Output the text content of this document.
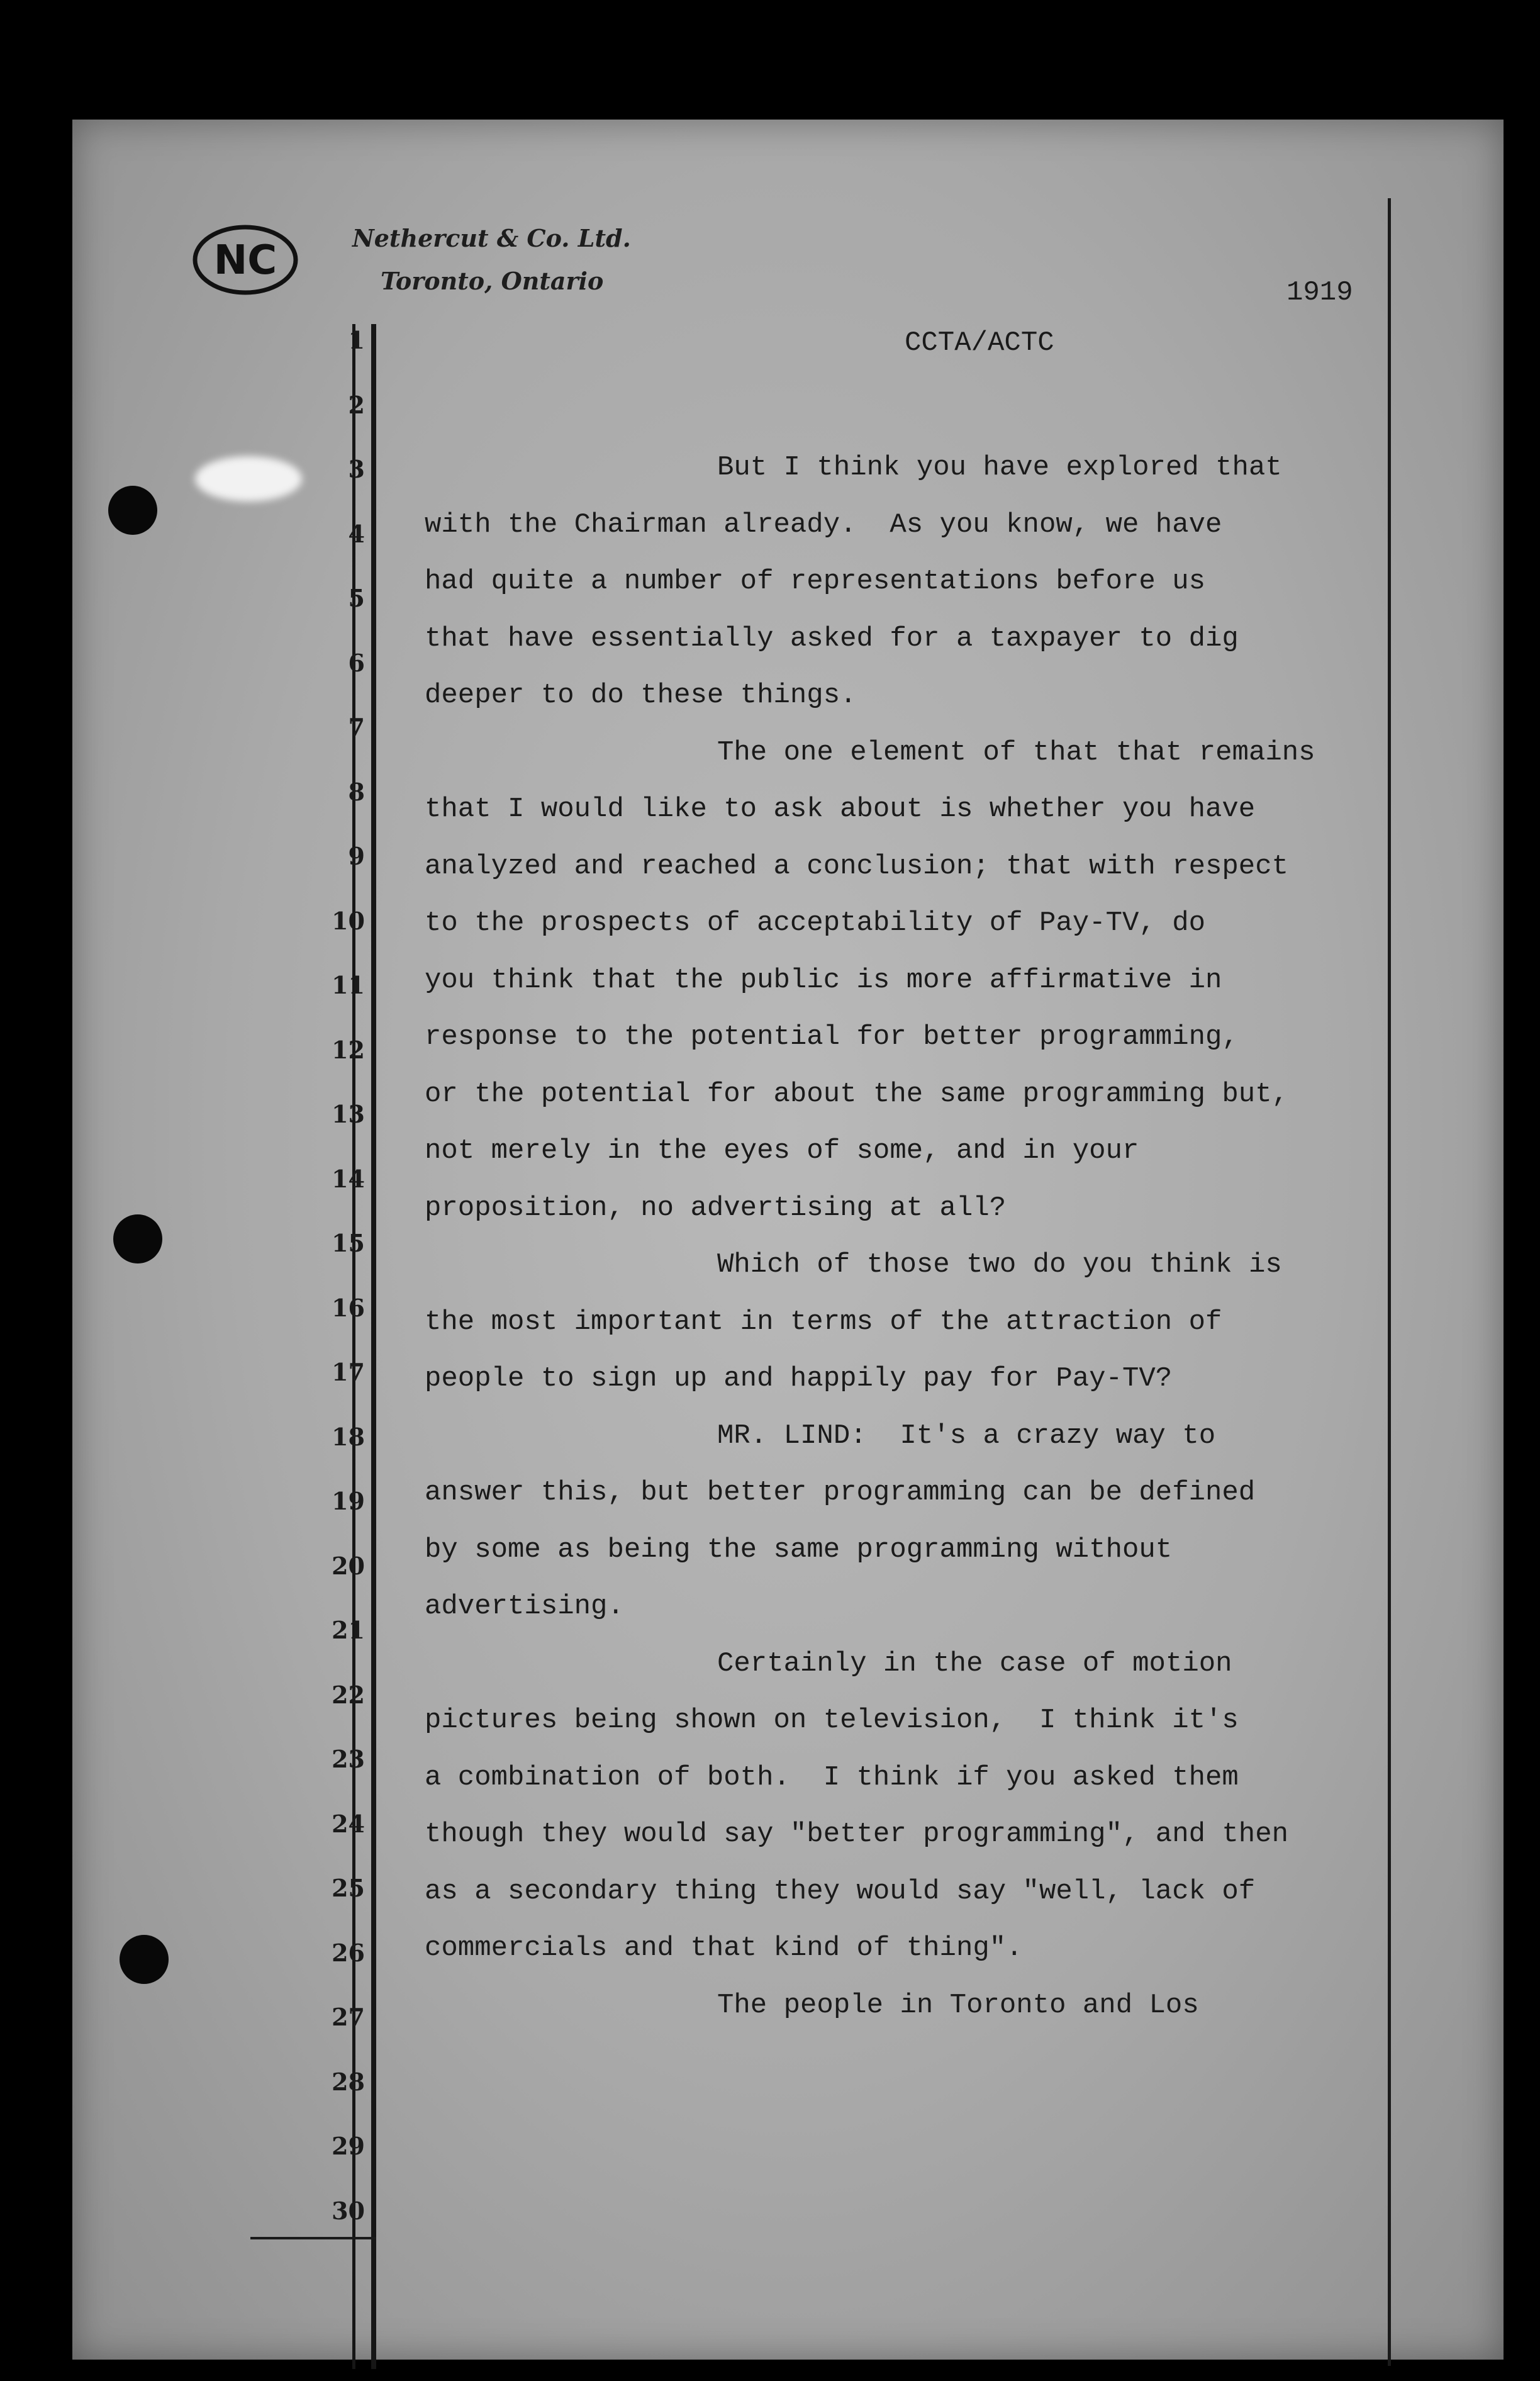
NC	Nethercut & Co. Ltd.
Toronto, Ontario	1919
CCTA/ACTC
1
2
3
4
5
6
7
8
9
10
11
12
13
14
15
16
17
18
19
20
21
22
23
24
25
26
27
28
29
30
But I think you have explored that
with the Chairman already.  As you know, we have
had quite a number of representations before us
that have essentially asked for a taxpayer to dig
deeper to do these things.
The one element of that that remains
that I would like to ask about is whether you have
analyzed and reached a conclusion; that with respect
to the prospects of acceptability of Pay-TV, do
you think that the public is more affirmative in
response to the potential for better programming,
or the potential for about the same programming but,
not merely in the eyes of some, and in your
proposition, no advertising at all?
Which of those two do you think is
the most important in terms of the attraction of
people to sign up and happily pay for Pay-TV?
MR. LIND:  It's a crazy way to
answer this, but better programming can be defined
by some as being the same programming without
advertising.
Certainly in the case of motion
pictures being shown on television,  I think it's
a combination of both.  I think if you asked them
though they would say "better programming", and then
as a secondary thing they would say "well, lack of
commercials and that kind of thing".
The people in Toronto and Los
